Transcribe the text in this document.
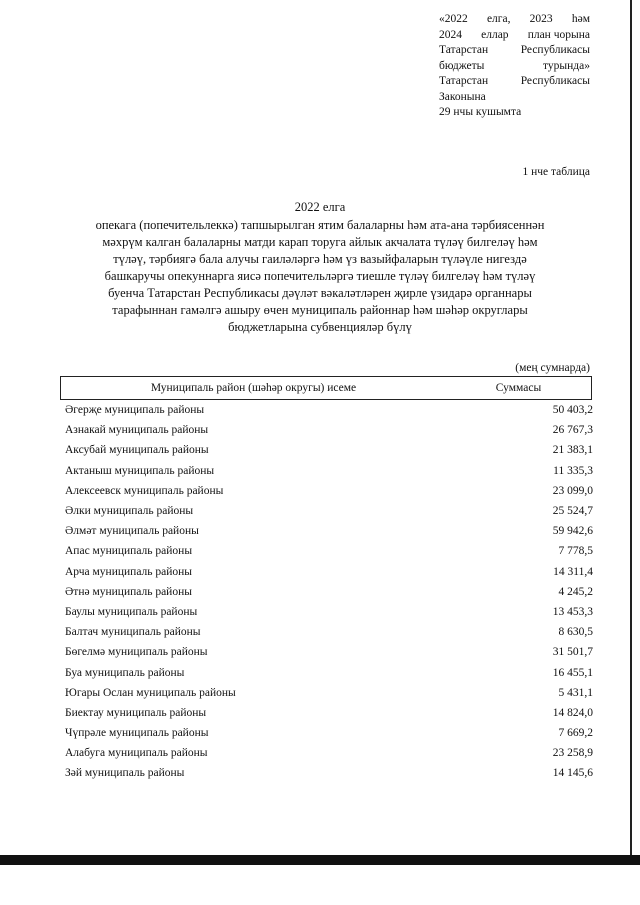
«2022 елга, 2023 һәм
2024 еллар план чорына
Татарстан	Республикасы
бюджеты	турында»
Татарстан	Республикасы
Законына
29 нчы кушымта
1 нче таблица
2022 елга
опекага (попечительлеккә) тапшырылган ятим балаларны һәм ата-ана тәрбиясеннән мәхрүм калган балаларны матди карап торуга айлык акчалата түләү билгеләү һәм түләү, тәрбиягә бала алучы гаиләләргә һәм үз вазыйфаларын түләүле нигездә башкаручы опекуннарга яисә попечительләргә тиешле түләү билгеләү һәм түләү буенча Татарстан Республикасы дәүләт вәкаләтләрен җирле үзидарә органнары тарафыннан гамәлгә ашыру өчен муниципаль районнар һәм шәһәр округлары бюджетларына субвенцияләр бүлү
(мең сумнарда)
Муниципаль район (шәһәр округы) исеме	Суммасы
Әгерҗе муниципаль районы	50 403,2
Азнакай муниципаль районы	26 767,3
Аксубай муниципаль районы	21 383,1
Актаныш муниципаль районы	11 335,3
Алексеевск муниципаль районы	23 099,0
Әлки муниципаль районы	25 524,7
Әлмәт муниципаль районы	59 942,6
Апас муниципаль районы	7 778,5
Арча муниципаль районы	14 311,4
Әтнә муниципаль районы	4 245,2
Баулы муниципаль районы	13 453,3
Балтач муниципаль районы	8 630,5
Бөгелмә муниципаль районы	31 501,7
Буа муниципаль районы	16 455,1
Югары Ослан муниципаль районы	5 431,1
Биектау муниципаль районы	14 824,0
Чүпрәле муниципаль районы	7 669,2
Алабуга муниципаль районы	23 258,9
Зәй муниципаль районы	14 145,6
